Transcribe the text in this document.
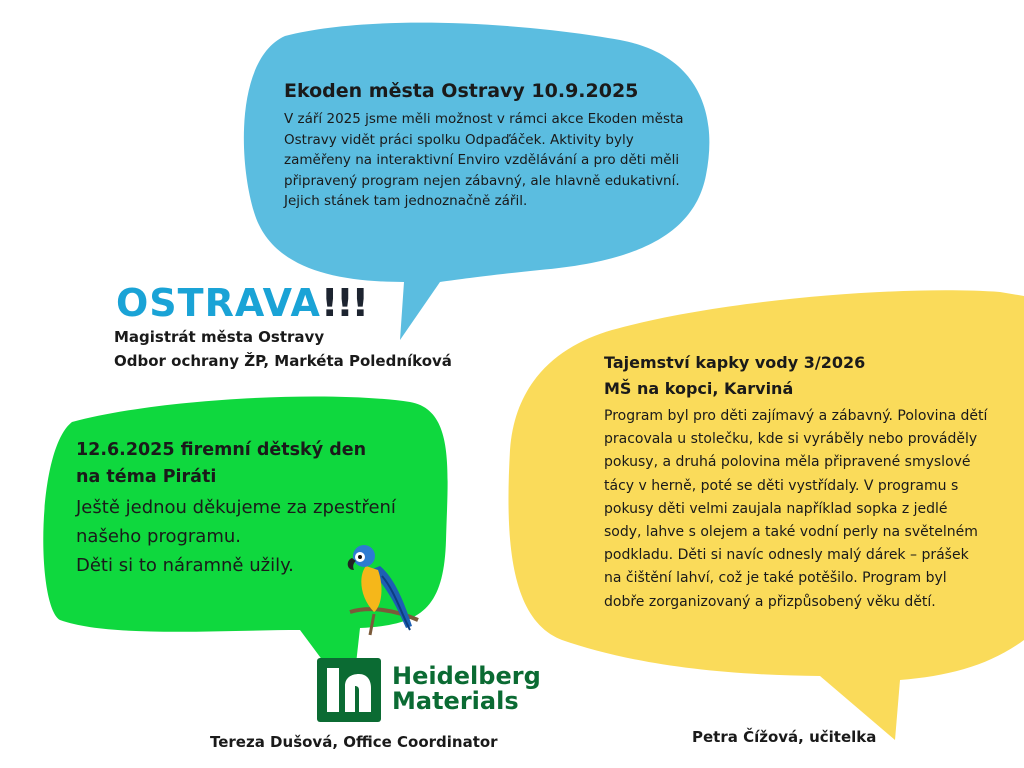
Ekoden města Ostravy 10.9.2025
V září 2025 jsme měli možnost v rámci akce Ekoden města Ostravy vidět práci spolku Odpaďáček. Aktivity byly zaměřeny na interaktivní Enviro vzdělávání a pro děti měli připravený program nejen zábavný, ale hlavně edukativní. Jejich stánek tam jednoznačně zářil.
OSTRAVA!!!
Magistrát města Ostravy
Odbor ochrany ŽP, Markéta Poledníková
12.6.2025 firemní dětský den
na téma Piráti
Ještě jednou děkujeme za zpestření
našeho programu.
Děti si to náramně užily.
Heidelberg
Materials
Tereza Dušová, Office Coordinator
Tajemství kapky vody 3/2026
MŠ na kopci, Karviná
Program byl pro děti zajímavý a zábavný. Polovina dětí pracovala u stolečku, kde si vyráběly nebo prováděly pokusy, a druhá polovina měla připravené smyslové tácy v herně, poté se děti vystřídaly. V programu s pokusy děti velmi zaujala například sopka z jedlé sody, lahve s olejem a také vodní perly na světelném podkladu. Děti si navíc odnesly malý dárek – prášek na čištění lahví, což je také potěšilo. Program byl dobře zorganizovaný a přizpůsobený věku dětí.
Petra Čížová, učitelka
